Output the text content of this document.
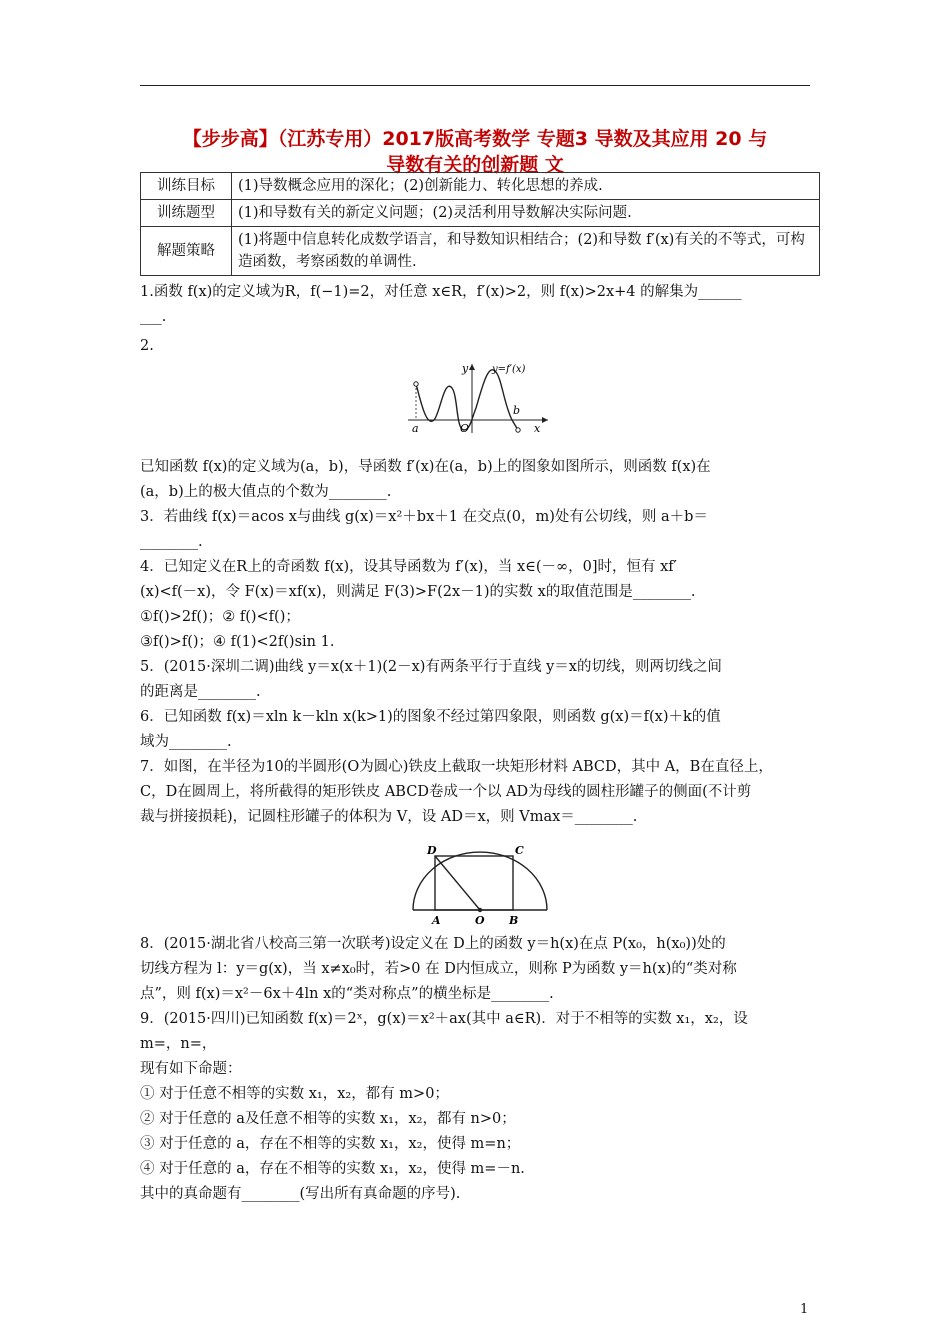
【步步高】（江苏专用）2017版高考数学 专题3 导数及其应用 20 与
导数有关的创新题 文
训练目标	(1)导数概念应用的深化；(2)创新能力、转化思想的养成.
训练题型	(1)和导数有关的新定义问题；(2)灵活利用导数解决实际问题.
解题策略	(1)将题中信息转化成数学语言，和导数知识相结合；(2)和导数 f′(x)有关的不等式，可构造函数，考察函数的单调性.
1.函数 f(x)的定义域为R，f(−1)=2，对任意 x∈R，f′(x)>2，则 f(x)>2x+4 的解集为______
___.
2.
y y=f′(x)
a	O
b
x
已知函数 f(x)的定义域为(a，b)，导函数 f′(x)在(a，b)上的图象如图所示，则函数 f(x)在
(a，b)上的极大值点的个数为________.
3．若曲线 f(x)＝acos x与曲线 g(x)＝x²＋bx＋1 在交点(0，m)处有公切线，则 a＋b＝
________.
4．已知定义在R上的奇函数 f(x)，设其导函数为 f′(x)，当 x∈(－∞，0]时，恒有 xf′
(x)<f(－x)，令 F(x)＝xf(x)，则满足 F(3)>F(2x－1)的实数 x的取值范围是________.
①f()>2f()；② f()<f()；
③f()>f()；④ f(1)<2f()sin 1.
5．(2015·深圳二调)曲线 y＝x(x＋1)(2－x)有两条平行于直线 y＝x的切线，则两切线之间
的距离是________.
6．已知函数 f(x)＝xln k－kln x(k>1)的图象不经过第四象限，则函数 g(x)＝f(x)＋k的值
域为________.
7．如图，在半径为10的半圆形(O为圆心)铁皮上截取一块矩形材料 ABCD，其中 A，B在直径上，
C，D在圆周上，将所截得的矩形铁皮 ABCD卷成一个以 AD为母线的圆柱形罐子的侧面(不计剪
裁与拼接损耗)，记圆柱形罐子的体积为 V，设 AD＝x，则 Vmax＝________.
D	C
A	O B
8．(2015·湖北省八校高三第一次联考)设定义在 D上的函数 y＝h(x)在点 P(x₀，h(x₀))处的
切线方程为 l：y＝g(x)，当 x≠x₀时，若>0 在 D内恒成立，则称 P为函数 y＝h(x)的“类对称
点”，则 f(x)＝x²－6x＋4ln x的“类对称点”的横坐标是________.
9．(2015·四川)已知函数 f(x)＝2ˣ，g(x)＝x²＋ax(其中 a∈R)．对于不相等的实数 x₁，x₂，设
m=，n=，
现有如下命题：
① 对于任意不相等的实数 x₁，x₂，都有 m>0；
② 对于任意的 a及任意不相等的实数 x₁，x₂，都有 n>0；
③ 对于任意的 a，存在不相等的实数 x₁，x₂，使得 m=n；
④ 对于任意的 a，存在不相等的实数 x₁，x₂，使得 m=－n.
其中的真命题有________(写出所有真命题的序号).
1
